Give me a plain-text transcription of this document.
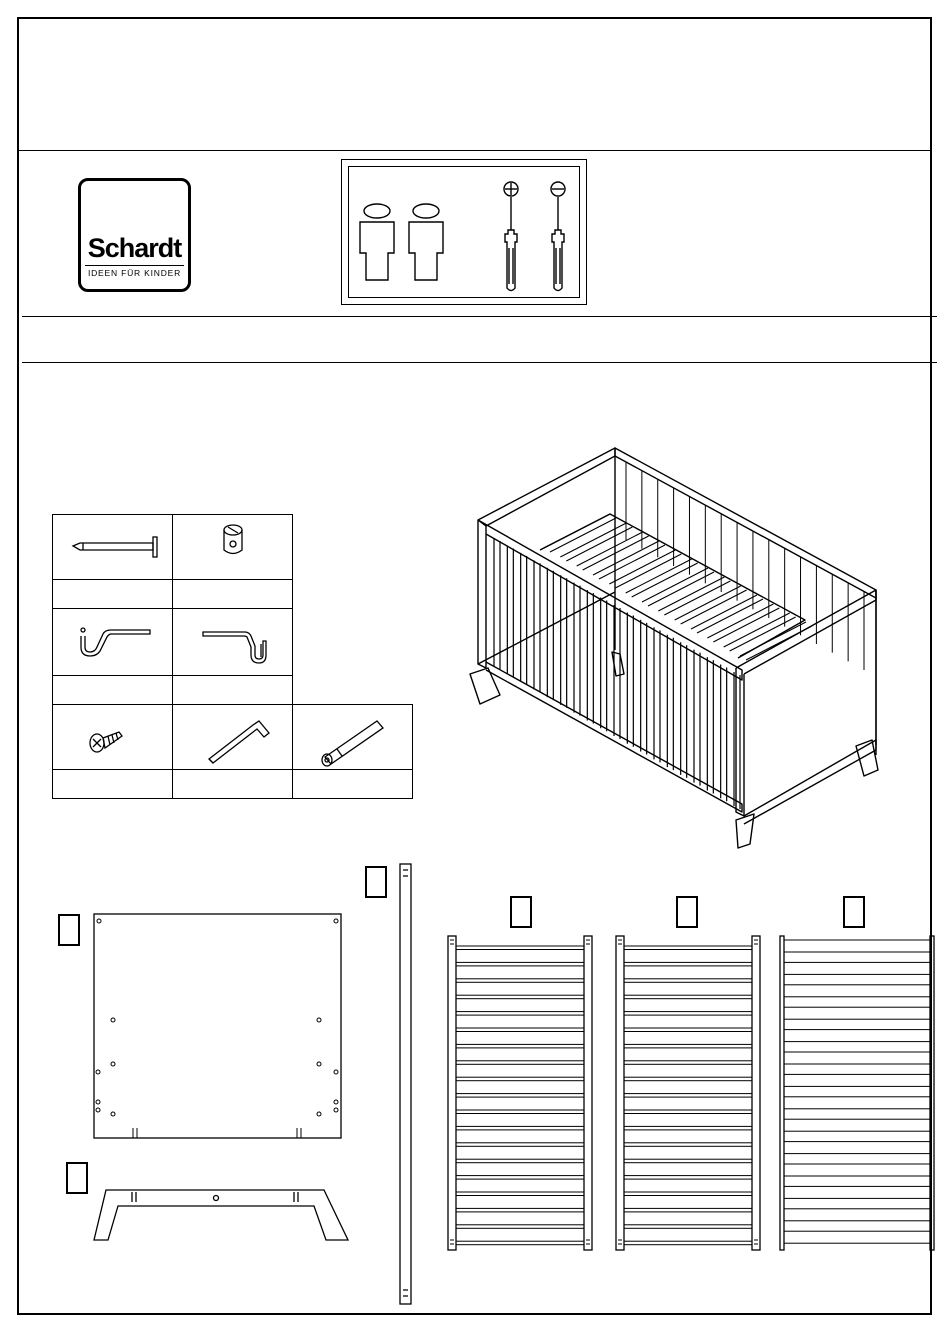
Schardt
IDEEN FÜR KINDER
